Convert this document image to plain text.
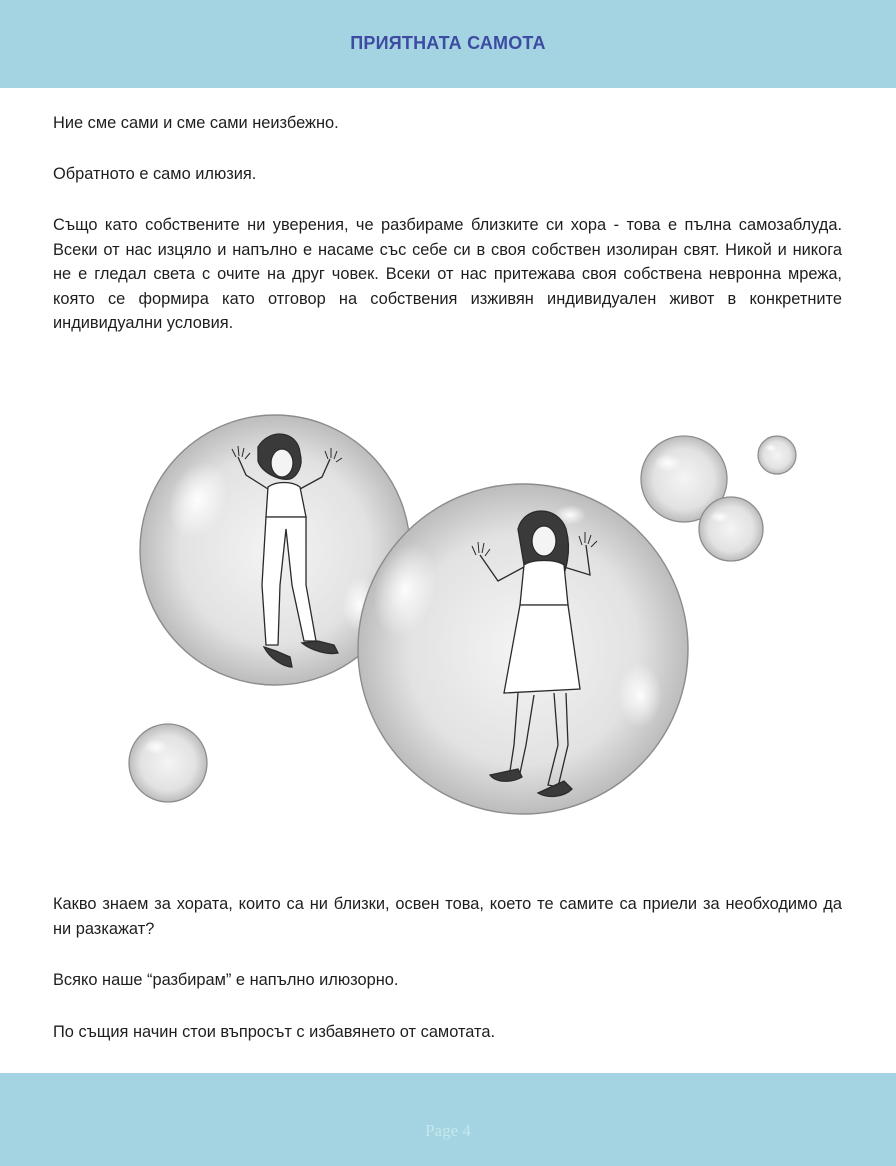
ПРИЯТНАТА САМОТА

Ние сме сами и сме сами неизбежно.

Обратното е само илюзия.

Също като собствените ни уверения, че разбираме близките си хора - това е пълна самозаблуда. Всеки от нас изцяло и напълно е насаме със себе си в своя собствен изолиран свят. Никой и никога не е гледал света с очите на друг човек. Всеки от нас притежава своя собствена невронна мрежа, която се формира като отговор на собствения изживян индивидуален живот в конкретните индивидуални условия.

Какво знаем за хората, които са ни близки, освен това, което те самите са приели за необходимо да ни разкажат?

Всяко наше “разбирам” е напълно илюзорно.

По същия начин стои въпросът с избавянето от самотата.

Page 4
